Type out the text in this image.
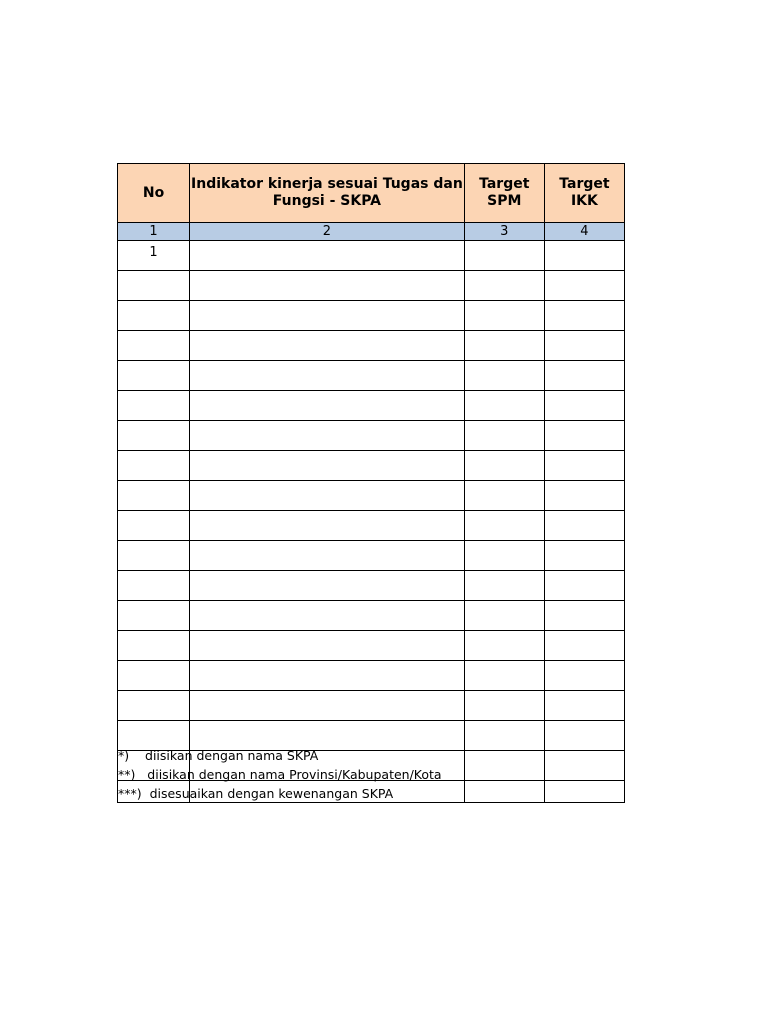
No	Indikator kinerja sesuai Tugas dan Fungsi - SKPA	Target SPM	Target IKK
1	2	3	4
1			

*)    diisikan dengan nama SKPA
**)   diisikan dengan nama Provinsi/Kabupaten/Kota
***)  disesuaikan dengan kewenangan SKPA
